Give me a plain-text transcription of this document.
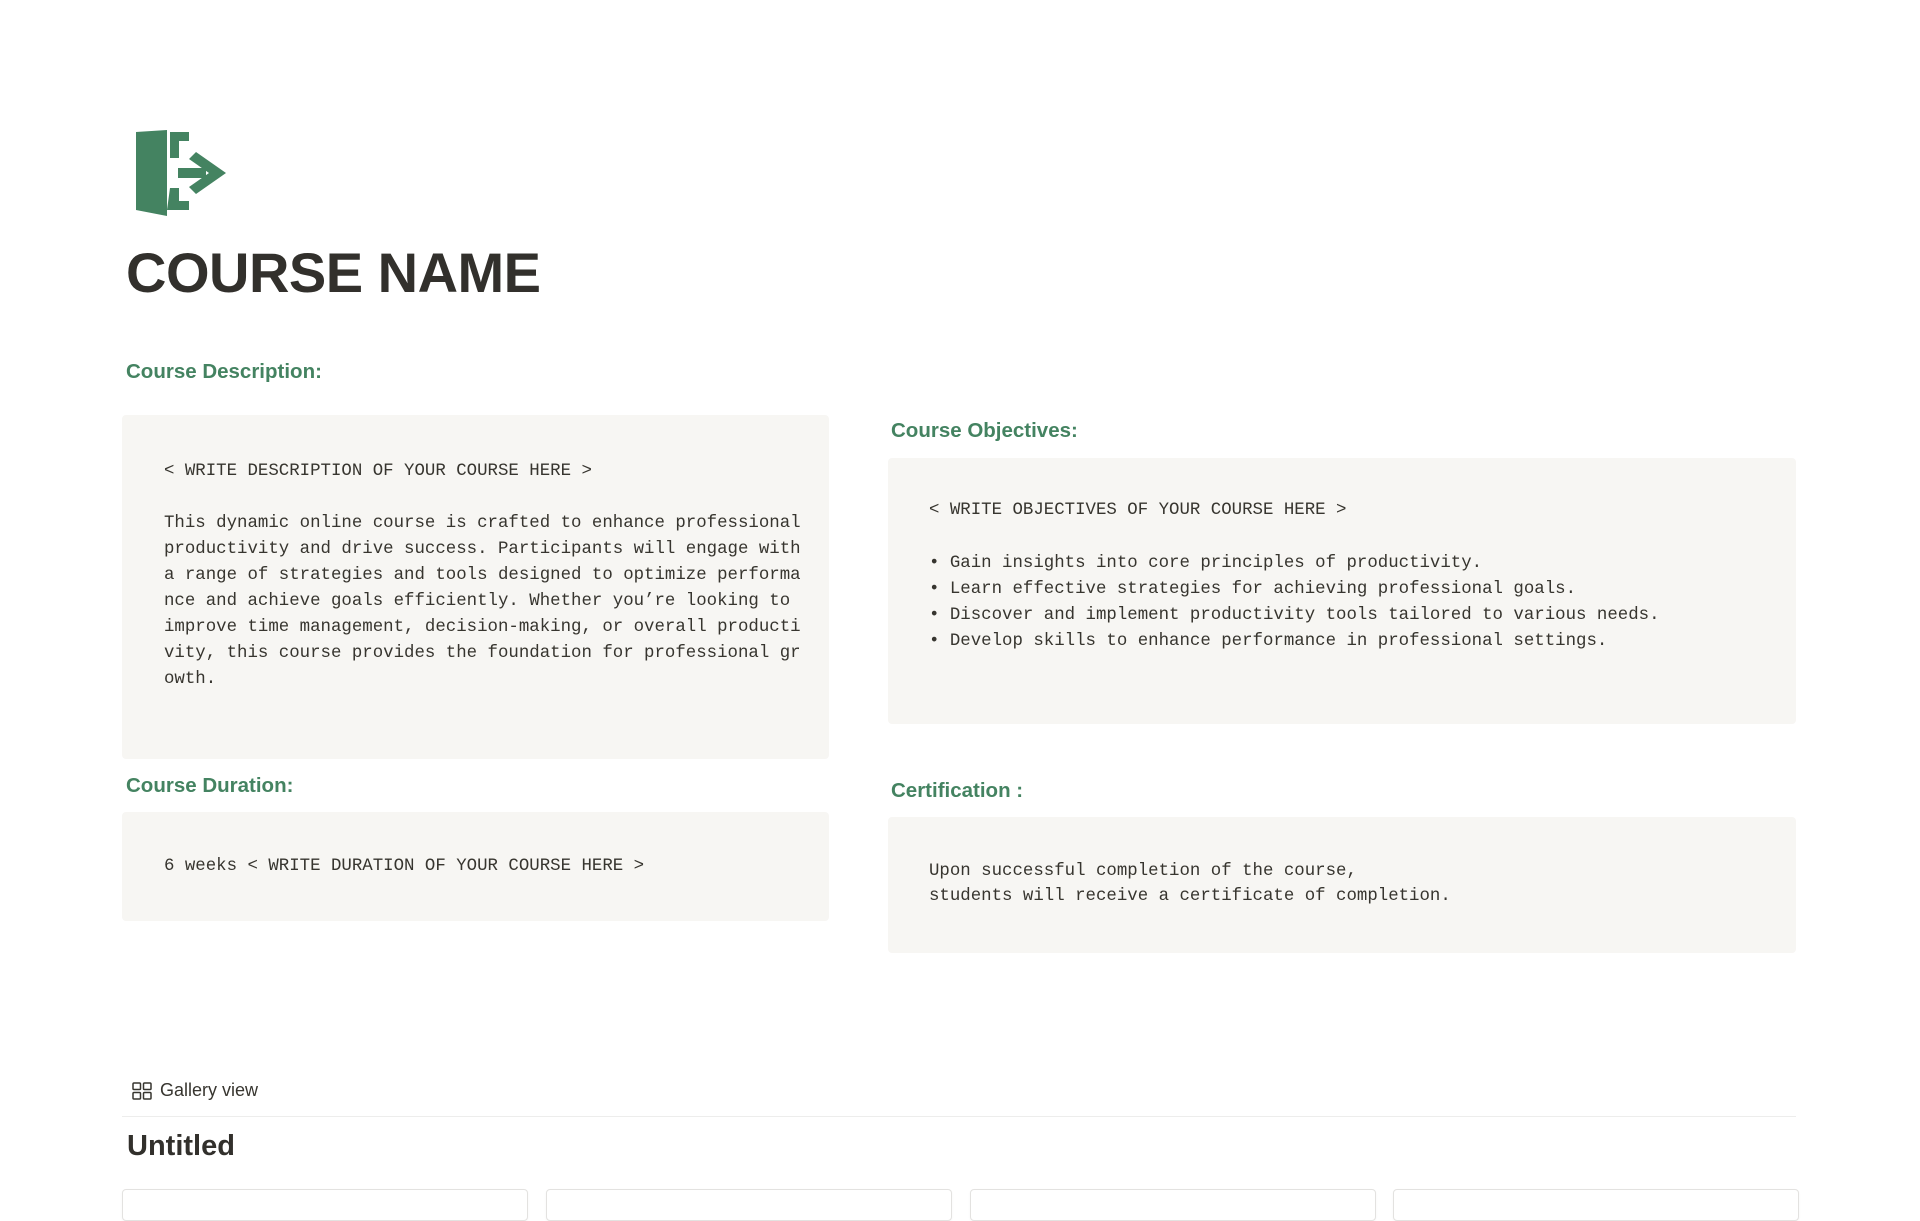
COURSE NAME
Course Description:
< WRITE DESCRIPTION OF YOUR COURSE HERE >

This dynamic online course is crafted to enhance professional productivity and drive success. Participants will engage with a range of strategies and tools designed to optimize performance and achieve goals efficiently. Whether you’re looking to improve time management, decision-making, or overall productivity, this course provides the foundation for professional growth.

Course Duration:
6 weeks < WRITE DURATION OF YOUR COURSE HERE >
Course Objectives:
< WRITE OBJECTIVES OF YOUR COURSE HERE >
• Gain insights into core principles of productivity.
• Learn effective strategies for achieving professional goals.
• Discover and implement productivity tools tailored to various needs.
• Develop skills to enhance performance in professional settings.
Certification :
Upon successful completion of the course,
students will receive a certificate of completion.
Gallery view
Untitled
